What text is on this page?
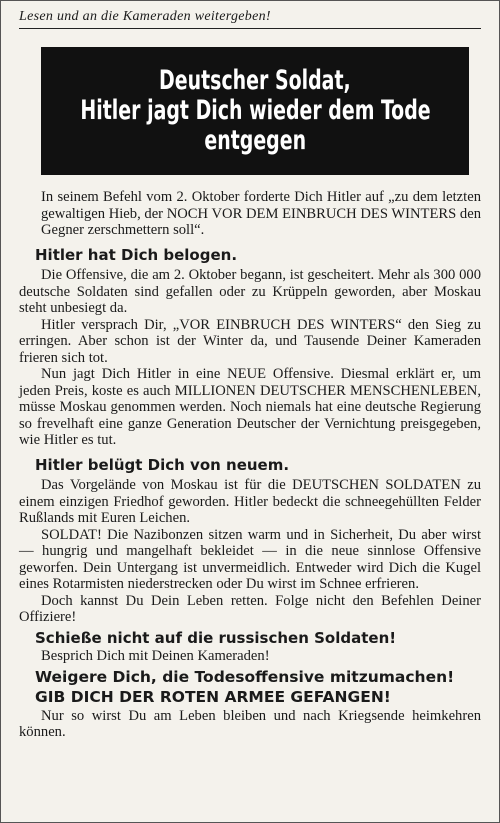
Lesen und an die Kameraden weitergeben!
Deutscher Soldat,
Hitler jagt Dich wieder dem Tode
entgegen

In seinem Befehl vom 2. Oktober forderte Dich Hitler auf „zu dem letzten gewaltigen Hieb, der NOCH VOR DEM EINBRUCH DES WINTERS den Gegner zerschmettern soll“.

Hitler hat Dich belogen.

Die Offensive, die am 2. Oktober begann, ist gescheitert. Mehr als 300 000 deutsche Soldaten sind gefallen oder zu Krüppeln geworden, aber Moskau steht unbesiegt da.

Hitler versprach Dir, „VOR EINBRUCH DES WINTERS“ den Sieg zu erringen. Aber schon ist der Winter da, und Tausende Deiner Kameraden frieren sich tot.

Nun jagt Dich Hitler in eine NEUE Offensive. Diesmal erklärt er, um jeden Preis, koste es auch MILLIONEN DEUTSCHER MENSCHENLEBEN, müsse Moskau genommen werden. Noch niemals hat eine deutsche Regierung so frevelhaft eine ganze Generation Deutscher der Vernichtung preisgegeben, wie Hitler es tut.

Hitler belügt Dich von neuem.

Das Vorgelände von Moskau ist für die DEUTSCHEN SOLDATEN zu einem einzigen Friedhof geworden. Hitler bedeckt die schneegehüllten Felder Rußlands mit Euren Leichen.

SOLDAT! Die Nazibonzen sitzen warm und in Sicherheit, Du aber wirst — hungrig und mangelhaft bekleidet — in die neue sinnlose Offensive geworfen. Dein Untergang ist unvermeidlich. Entweder wird Dich die Kugel eines Rotarmisten niederstrecken oder Du wirst im Schnee erfrieren.

Doch kannst Du Dein Leben retten. Folge nicht den Befehlen Deiner Offiziere!

Schieße nicht auf die russischen Soldaten!

Besprich Dich mit Deinen Kameraden!

Weigere Dich, die Todesoffensive mitzumachen!
GIB DICH DER ROTEN ARMEE GEFANGEN!

Nur so wirst Du am Leben bleiben und nach Kriegsende heimkehren können.
